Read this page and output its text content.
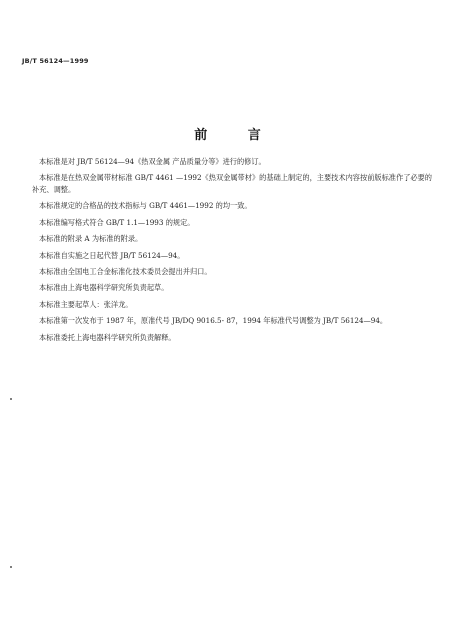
JB/T 56124—1999
前 言

本标准是对 JB/T 56124—94《热双金属 产品质量分等》进行的修订。

本标准是在热双金属带材标准 GB/T 4461 —1992《热双金属带材》的基础上制定的，主要技术内容按前版标准作了必要的补充、调整。

本标准规定的合格品的技术指标与 GB/T 4461—1992 的均一致。

本标准编写格式符合 GB/T 1.1—1993 的规定。

本标准的附录 A 为标准的附录。

本标准自实施之日起代替 JB/T 56124—94。

本标准由全国电工合金标准化技术委员会提出并归口。

本标准由上海电器科学研究所负责起草。

本标准主要起草人：张洋龙。

本标准第一次发布于 1987 年，原准代号 JB/DQ 9016.5- 87，1994 年标准代号调整为 JB/T 56124—94。

本标准委托上海电器科学研究所负责解释。
